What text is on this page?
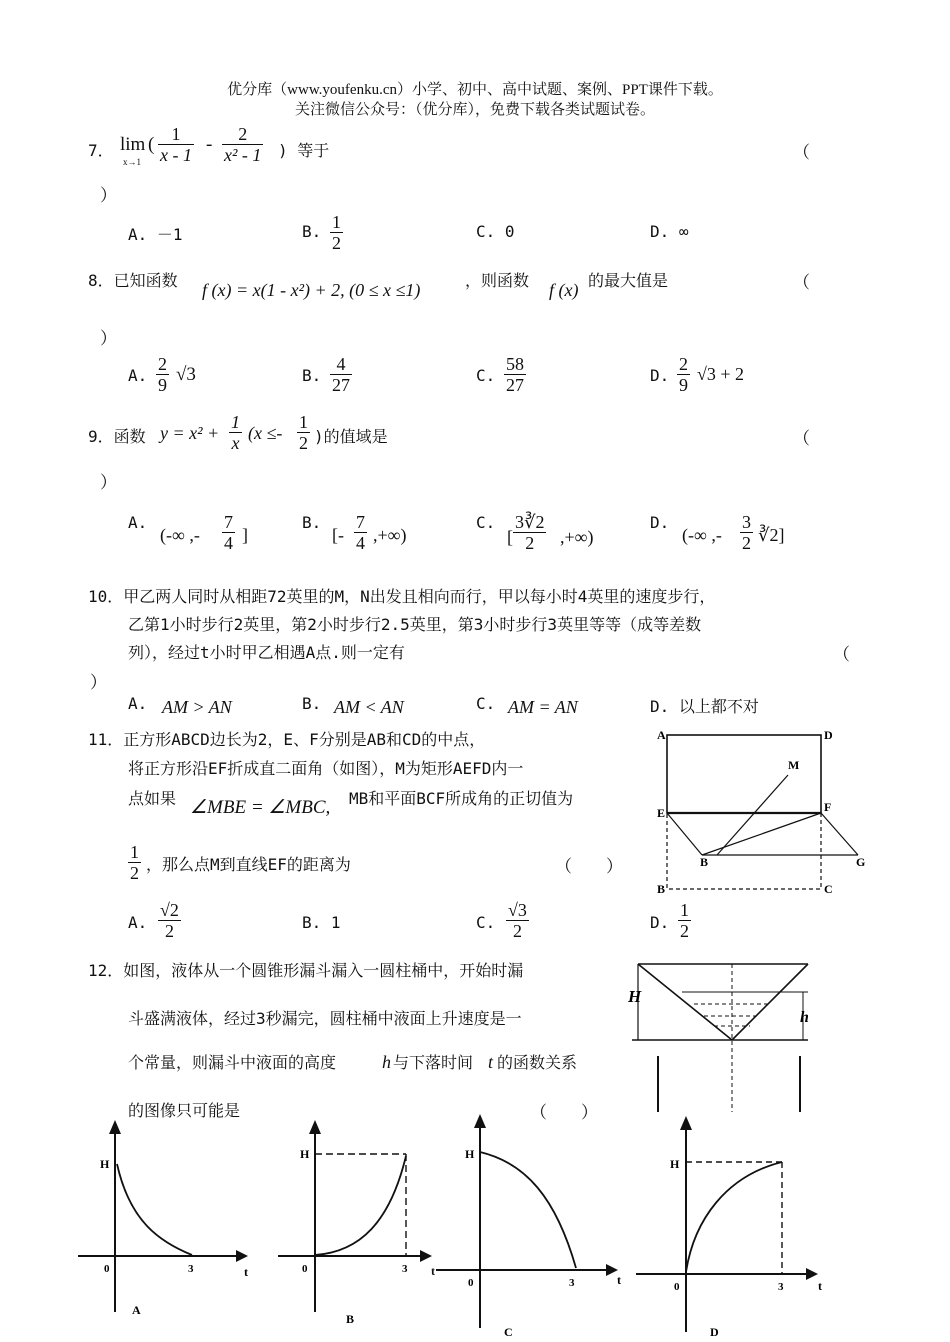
优分库（www.youfenku.cn）小学、初中、高中试题、案例、PPT课件下载。
关注微信公众号：（优分库），免费下载各类试题试卷。
7． lim
x→1
( $\frac{1}{x - 1} - \frac{2}{\text{x² - 1}}$ ) 等于	（
）
A. －1	B. $\frac{1}{2}$	C. 0	D. ∞
8．已知函数 f (x) = x(1 - x²) + 2, (0 ≤ x ≤1)	，则函数 f (x) 的最大值是	（
）
A. $\frac{2}{9} √3$	B. $\frac{4}{27}$	C. $\frac{58}{27}$	D. $\frac{2}{9} √3 + 2$
9．函数 $y = x^2 + \frac{1}{x} (x \le- \frac{1}{2}$ )的值域是	（
）
A.
(-∞ ,- $\frac{7}{4}$ ]
B.
[- $\frac{7}{4}$ ,+∞)
C.
[ $\frac{3∛2}{2}$ ,+∞)
D.
(-∞ ,- $\frac{3}{2}$ ∛2]
10．甲乙两人同时从相距72英里的M，N出发且相向而行，甲以每小时4英里的速度步行，
乙第1小时步行2英里，第2小时步行2.5英里，第3小时步行3英里等等（成等差数
列），经过t小时甲乙相遇A点.则一定有	（
）
A. AM > AN	B. AM < AN	C. AM = AN	D. 以上都不对
11．正方形ABCD边长为2，E、F分别是AB和CD的中点，
将正方形沿EF折成直二面角（如图），M为矩形AEFD内一
点如果 ∠MBE = ∠MBC, MB和平面BCF所成角的正切值为
$\frac{1}{2}$ ，那么点M到直线EF的距离为	（　　）
A. $\frac{√2}{2}$	B. 1	C. $\frac{√3}{2}$	D. $\frac{1}{2}$
A	D
M
E	F
B	G
B	C
12．如图，液体从一个圆锥形漏斗漏入一圆柱桶中，开始时漏
斗盛满液体，经过3秒漏完，圆柱桶中液面上升速度是一
个常量，则漏斗中液面的高度	h 与下落时间 t 的函数关系
的图像只可能是	（　　）
H
h
H
0	3	t
A
H
0	3
B
H
0	3	t
C
H
0	3	t
D
t
